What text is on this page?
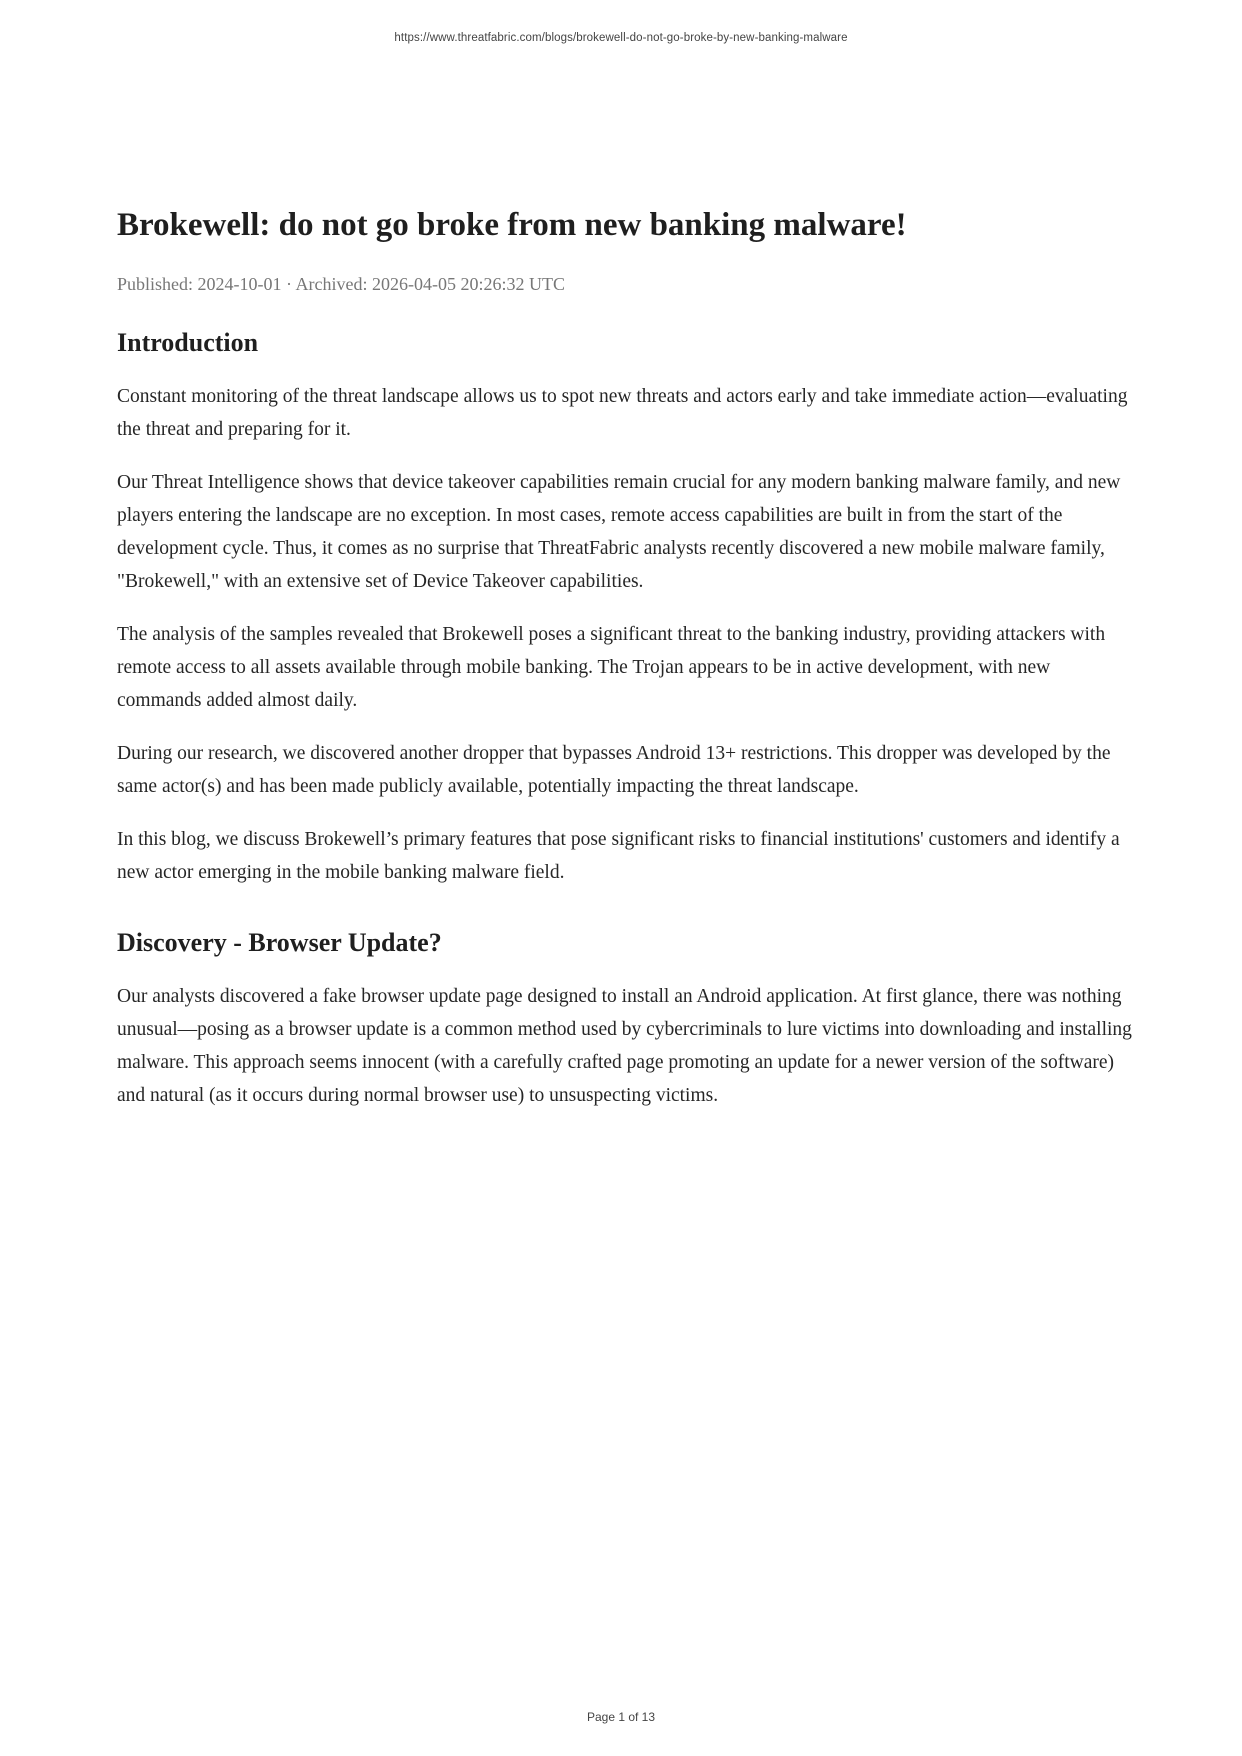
https://www.threatfabric.com/blogs/brokewell-do-not-go-broke-by-new-banking-malware
Brokewell: do not go broke from new banking malware!
Published: 2024-10-01 · Archived: 2026-04-05 20:26:32 UTC
Introduction

Constant monitoring of the threat landscape allows us to spot new threats and actors early and take immediate action—evaluating the threat and preparing for it.

Our Threat Intelligence shows that device takeover capabilities remain crucial for any modern banking malware family, and new players entering the landscape are no exception. In most cases, remote access capabilities are built in from the start of the development cycle. Thus, it comes as no surprise that ThreatFabric analysts recently discovered a new mobile malware family, "Brokewell," with an extensive set of Device Takeover capabilities.

The analysis of the samples revealed that Brokewell poses a significant threat to the banking industry, providing attackers with remote access to all assets available through mobile banking. The Trojan appears to be in active development, with new commands added almost daily.

During our research, we discovered another dropper that bypasses Android 13+ restrictions. This dropper was developed by the same actor(s) and has been made publicly available, potentially impacting the threat landscape.

In this blog, we discuss Brokewell’s primary features that pose significant risks to financial institutions' customers and identify a new actor emerging in the mobile banking malware field.

Discovery - Browser Update?

Our analysts discovered a fake browser update page designed to install an Android application. At first glance, there was nothing unusual—posing as a browser update is a common method used by cybercriminals to lure victims into downloading and installing malware. This approach seems innocent (with a carefully crafted page promoting an update for a newer version of the software) and natural (as it occurs during normal browser use) to unsuspecting victims.

Page 1 of 13
